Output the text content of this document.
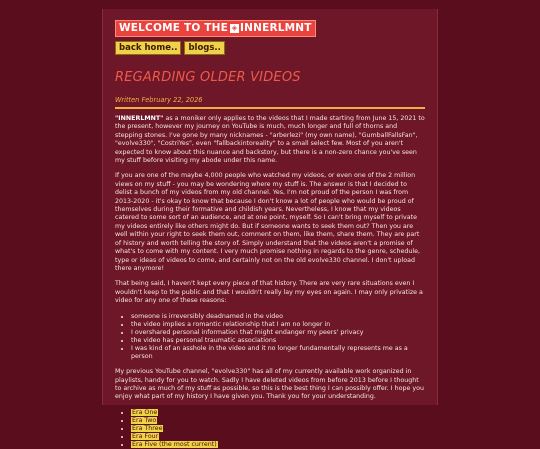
WELCOME TO THE ◈ INNERLMNT
back home..	blogs..
REGARDING OLDER VIDEOS
Written February 22, 2026

"INNERLMNT" as a moniker only applies to the videos that I made starting from June 15, 2021 to the present, however my journey on YouTube is much, much longer and full of thorns and stepping stones. I've gone by many nicknames - "arberlezi" (my own name), "GumballFallsFan", "evolve330", "CostriYes", even "fallbackintoreality" to a small select few. Most of you aren't expected to know about this nuance and backstory, but there is a non-zero chance you've seen my stuff before visiting my abode under this name.

If you are one of the maybe 4,000 people who watched my videos, or even one of the 2 million views on my stuff - you may be wondering where my stuff is. The answer is that I decided to delist a bunch of my videos from my old channel. Yes, I'm not proud of the person I was from 2013-2020 - it's okay to know that because I don't know a lot of people who would be proud of themselves during their formative and childish years. Nevertheless, I know that my videos catered to some sort of an audience, and at one point, myself. So I can't bring myself to private my videos entirely like others might do. But if someone wants to seek them out? Then you are well within your right to seek them out, comment on them, like them, share them. They are part of history and worth telling the story of. Simply understand that the videos aren't a promise of what's to come with my content. I very much promise nothing in regards to the genre, schedule, type or ideas of videos to come, and certainly not on the old evolve330 channel. I don't upload there anymore!

That being said, I haven't kept every piece of that history. There are very rare situations even I wouldn't keep to the public and that I wouldn't really lay my eyes on again. I may only privatize a video for any one of these reasons:

• someone is irreversibly deadnamed in the video
• the video implies a romantic relationship that I am no longer in
• I overshared personal information that might endanger my peers' privacy
• the video has personal traumatic associations
• I was kind of an asshole in the video and it no longer fundamentally represents me as a person

My previous YouTube channel, "evolve330" has all of my currently available work organized in playlists, handy for you to watch. Sadly I have deleted videos from before 2013 before I thought to archive as much of my stuff as possible, so this is the best thing I can possibly offer. I hope you enjoy what part of my history I have given you. Thank you for your understanding.

• Era One
• Era Two
• Era Three
• Era Four
• Era Five (the most current)
